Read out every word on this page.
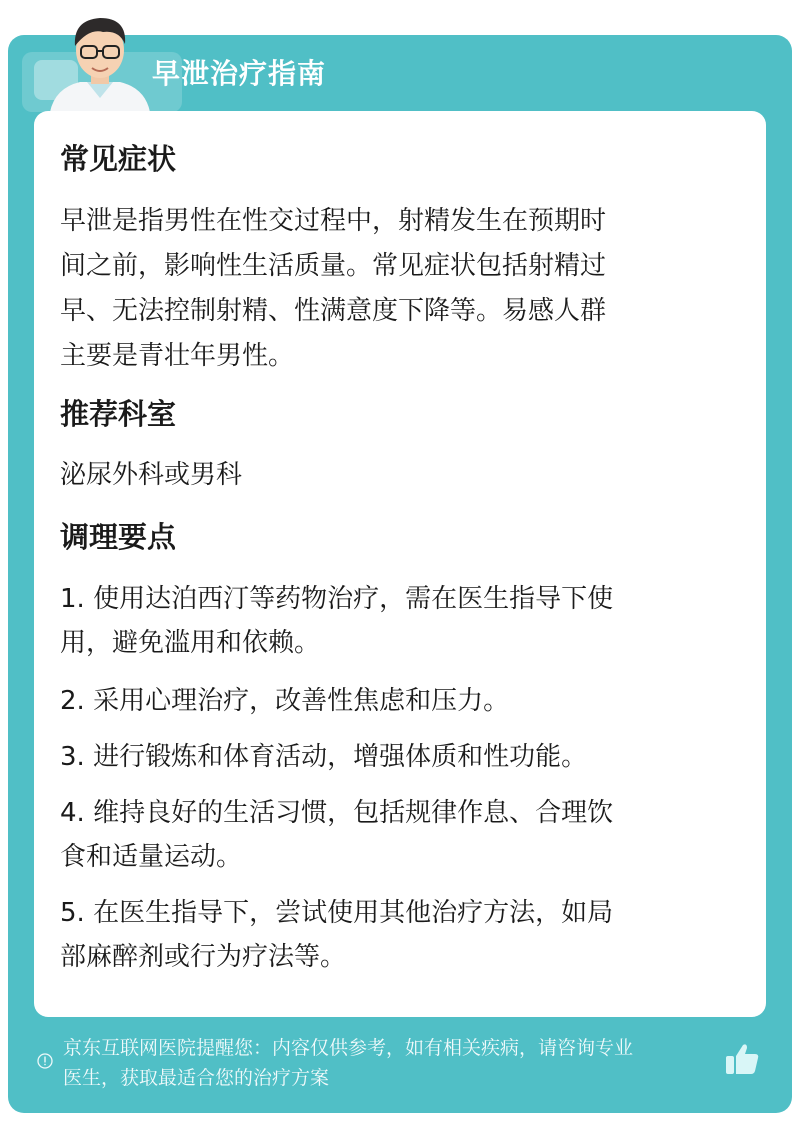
早泄治疗指南
常见症状
早泄是指男性在性交过程中，射精发生在预期时
间之前，影响性生活质量。常见症状包括射精过
早、无法控制射精、性满意度下降等。易感人群
主要是青壮年男性。
推荐科室
泌尿外科或男科
调理要点
1. 使用达泊西汀等药物治疗，需在医生指导下使
用，避免滥用和依赖。
2. 采用心理治疗，改善性焦虑和压力。
3. 进行锻炼和体育活动，增强体质和性功能。
4. 维持良好的生活习惯，包括规律作息、合理饮
食和适量运动。
5. 在医生指导下，尝试使用其他治疗方法，如局
部麻醉剂或行为疗法等。
京东互联网医院提醒您：内容仅供参考，如有相关疾病，请咨询专业
医生，获取最适合您的治疗方案
